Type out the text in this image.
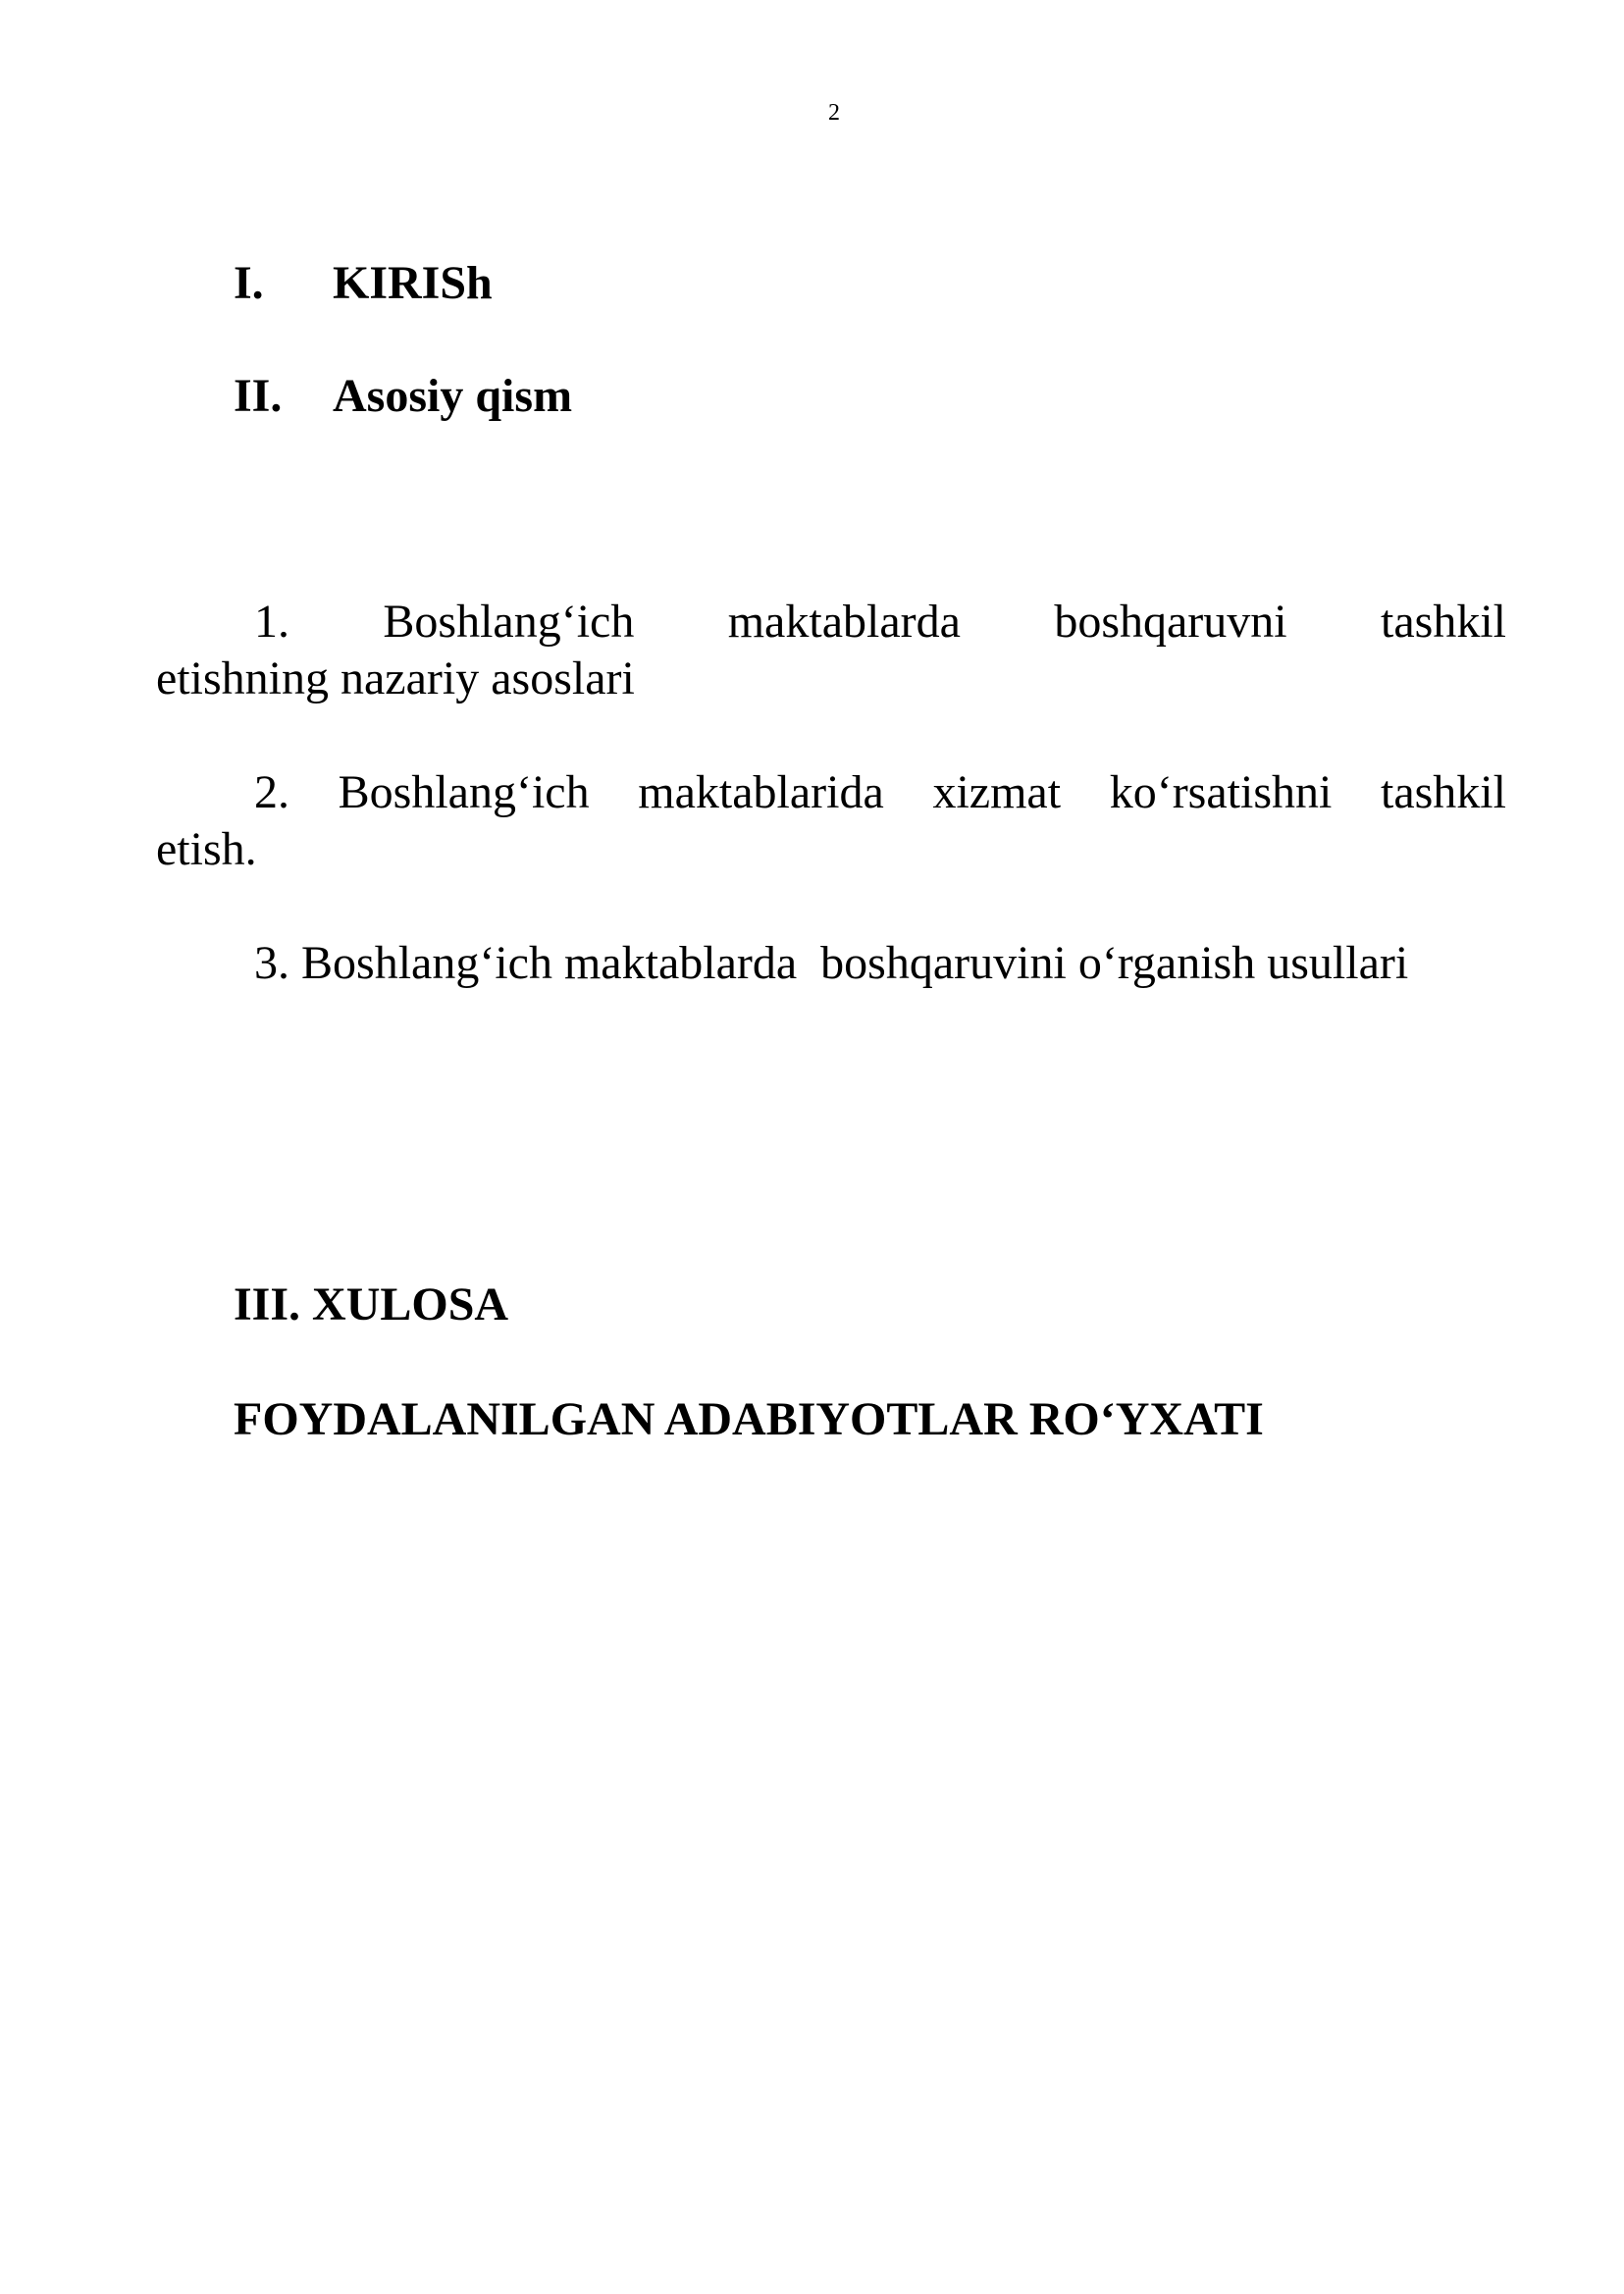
2
I. KIRISh
II. Asosiy qism
1. Boshlang‘ich maktablarda boshqaruvni tashkil
etishning nazariy asoslari
2. Boshlang‘ich maktablarida xizmat ko‘rsatishni tashkil
etish.
3. Boshlang‘ich maktablarda  boshqaruvini o‘rganish usullari
III. XULOSA
FOYDALANILGAN ADABIYOTLAR RO‘YXATI
